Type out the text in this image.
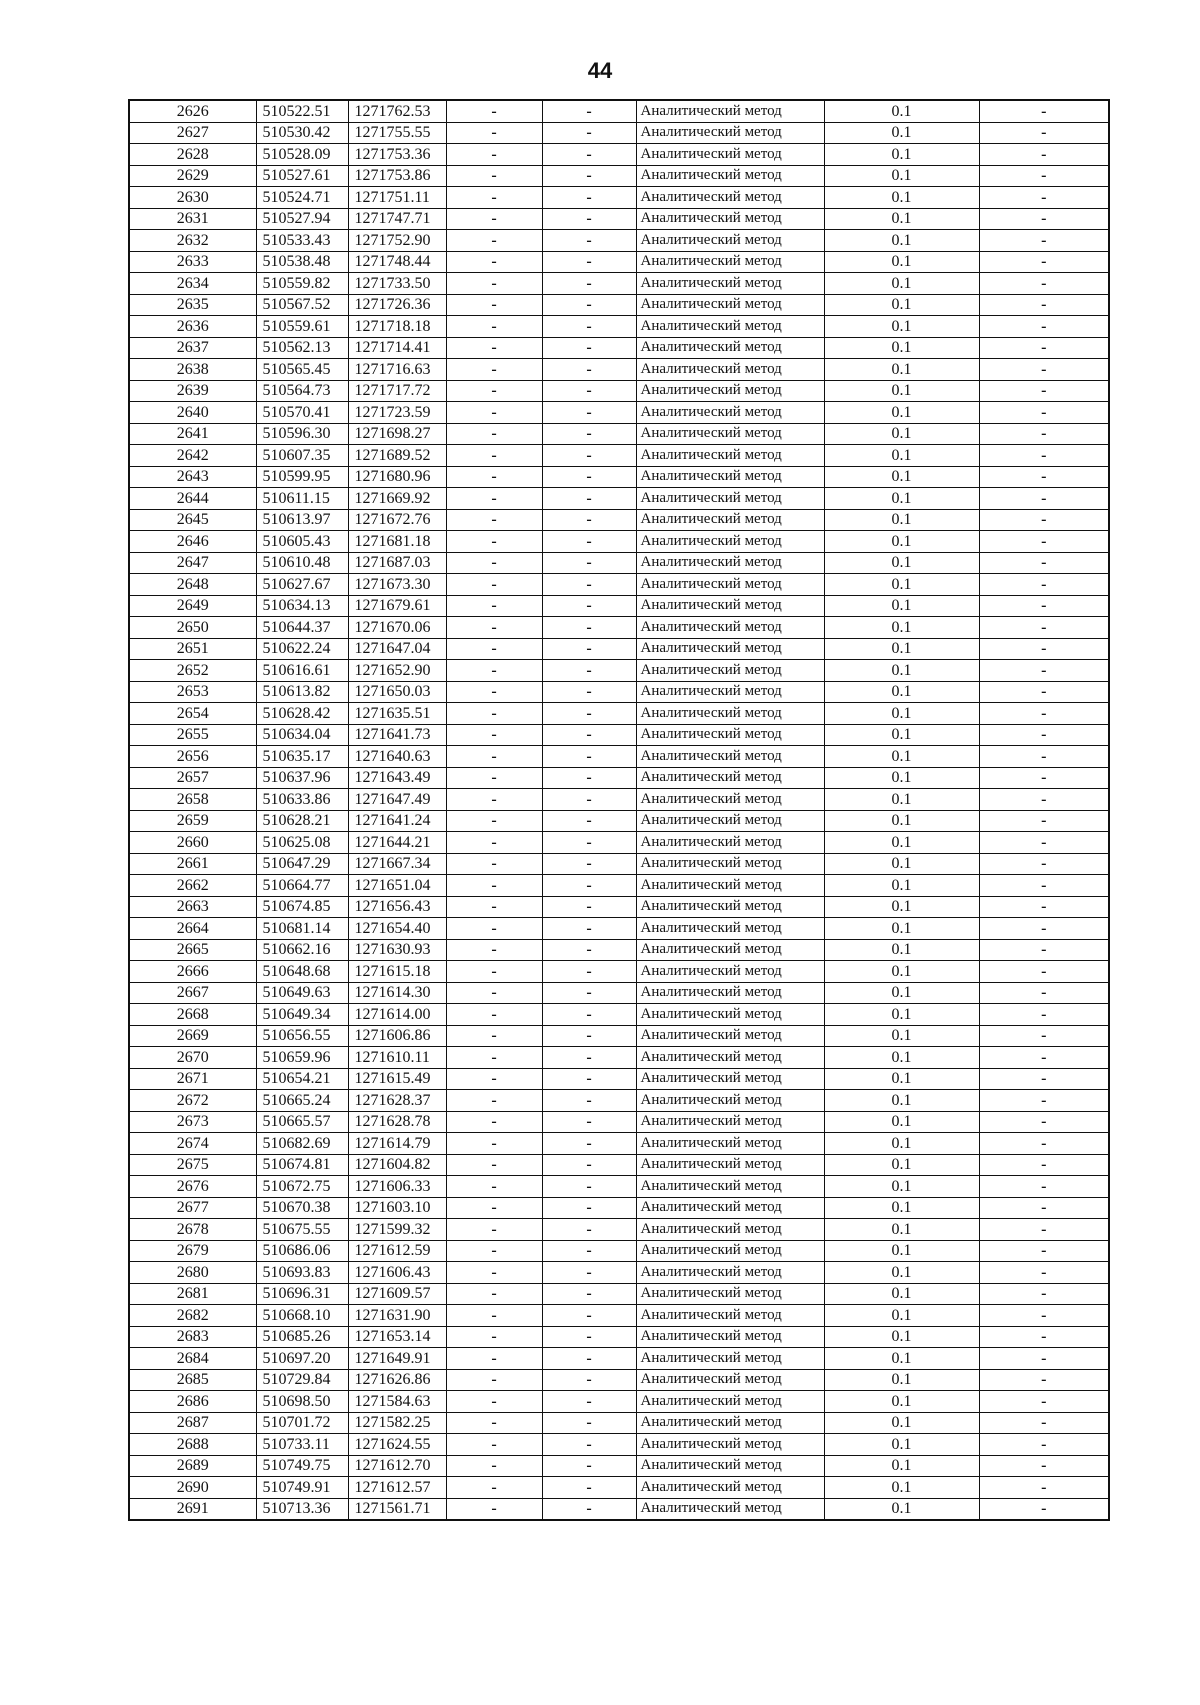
44
2626	510522.51	1271762.53	-	-	Аналитический метод	0.1	-
2627	510530.42	1271755.55	-	-	Аналитический метод	0.1	-
2628	510528.09	1271753.36	-	-	Аналитический метод	0.1	-
2629	510527.61	1271753.86	-	-	Аналитический метод	0.1	-
2630	510524.71	1271751.11	-	-	Аналитический метод	0.1	-
2631	510527.94	1271747.71	-	-	Аналитический метод	0.1	-
2632	510533.43	1271752.90	-	-	Аналитический метод	0.1	-
2633	510538.48	1271748.44	-	-	Аналитический метод	0.1	-
2634	510559.82	1271733.50	-	-	Аналитический метод	0.1	-
2635	510567.52	1271726.36	-	-	Аналитический метод	0.1	-
2636	510559.61	1271718.18	-	-	Аналитический метод	0.1	-
2637	510562.13	1271714.41	-	-	Аналитический метод	0.1	-
2638	510565.45	1271716.63	-	-	Аналитический метод	0.1	-
2639	510564.73	1271717.72	-	-	Аналитический метод	0.1	-
2640	510570.41	1271723.59	-	-	Аналитический метод	0.1	-
2641	510596.30	1271698.27	-	-	Аналитический метод	0.1	-
2642	510607.35	1271689.52	-	-	Аналитический метод	0.1	-
2643	510599.95	1271680.96	-	-	Аналитический метод	0.1	-
2644	510611.15	1271669.92	-	-	Аналитический метод	0.1	-
2645	510613.97	1271672.76	-	-	Аналитический метод	0.1	-
2646	510605.43	1271681.18	-	-	Аналитический метод	0.1	-
2647	510610.48	1271687.03	-	-	Аналитический метод	0.1	-
2648	510627.67	1271673.30	-	-	Аналитический метод	0.1	-
2649	510634.13	1271679.61	-	-	Аналитический метод	0.1	-
2650	510644.37	1271670.06	-	-	Аналитический метод	0.1	-
2651	510622.24	1271647.04	-	-	Аналитический метод	0.1	-
2652	510616.61	1271652.90	-	-	Аналитический метод	0.1	-
2653	510613.82	1271650.03	-	-	Аналитический метод	0.1	-
2654	510628.42	1271635.51	-	-	Аналитический метод	0.1	-
2655	510634.04	1271641.73	-	-	Аналитический метод	0.1	-
2656	510635.17	1271640.63	-	-	Аналитический метод	0.1	-
2657	510637.96	1271643.49	-	-	Аналитический метод	0.1	-
2658	510633.86	1271647.49	-	-	Аналитический метод	0.1	-
2659	510628.21	1271641.24	-	-	Аналитический метод	0.1	-
2660	510625.08	1271644.21	-	-	Аналитический метод	0.1	-
2661	510647.29	1271667.34	-	-	Аналитический метод	0.1	-
2662	510664.77	1271651.04	-	-	Аналитический метод	0.1	-
2663	510674.85	1271656.43	-	-	Аналитический метод	0.1	-
2664	510681.14	1271654.40	-	-	Аналитический метод	0.1	-
2665	510662.16	1271630.93	-	-	Аналитический метод	0.1	-
2666	510648.68	1271615.18	-	-	Аналитический метод	0.1	-
2667	510649.63	1271614.30	-	-	Аналитический метод	0.1	-
2668	510649.34	1271614.00	-	-	Аналитический метод	0.1	-
2669	510656.55	1271606.86	-	-	Аналитический метод	0.1	-
2670	510659.96	1271610.11	-	-	Аналитический метод	0.1	-
2671	510654.21	1271615.49	-	-	Аналитический метод	0.1	-
2672	510665.24	1271628.37	-	-	Аналитический метод	0.1	-
2673	510665.57	1271628.78	-	-	Аналитический метод	0.1	-
2674	510682.69	1271614.79	-	-	Аналитический метод	0.1	-
2675	510674.81	1271604.82	-	-	Аналитический метод	0.1	-
2676	510672.75	1271606.33	-	-	Аналитический метод	0.1	-
2677	510670.38	1271603.10	-	-	Аналитический метод	0.1	-
2678	510675.55	1271599.32	-	-	Аналитический метод	0.1	-
2679	510686.06	1271612.59	-	-	Аналитический метод	0.1	-
2680	510693.83	1271606.43	-	-	Аналитический метод	0.1	-
2681	510696.31	1271609.57	-	-	Аналитический метод	0.1	-
2682	510668.10	1271631.90	-	-	Аналитический метод	0.1	-
2683	510685.26	1271653.14	-	-	Аналитический метод	0.1	-
2684	510697.20	1271649.91	-	-	Аналитический метод	0.1	-
2685	510729.84	1271626.86	-	-	Аналитический метод	0.1	-
2686	510698.50	1271584.63	-	-	Аналитический метод	0.1	-
2687	510701.72	1271582.25	-	-	Аналитический метод	0.1	-
2688	510733.11	1271624.55	-	-	Аналитический метод	0.1	-
2689	510749.75	1271612.70	-	-	Аналитический метод	0.1	-
2690	510749.91	1271612.57	-	-	Аналитический метод	0.1	-
2691	510713.36	1271561.71	-	-	Аналитический метод	0.1	-
